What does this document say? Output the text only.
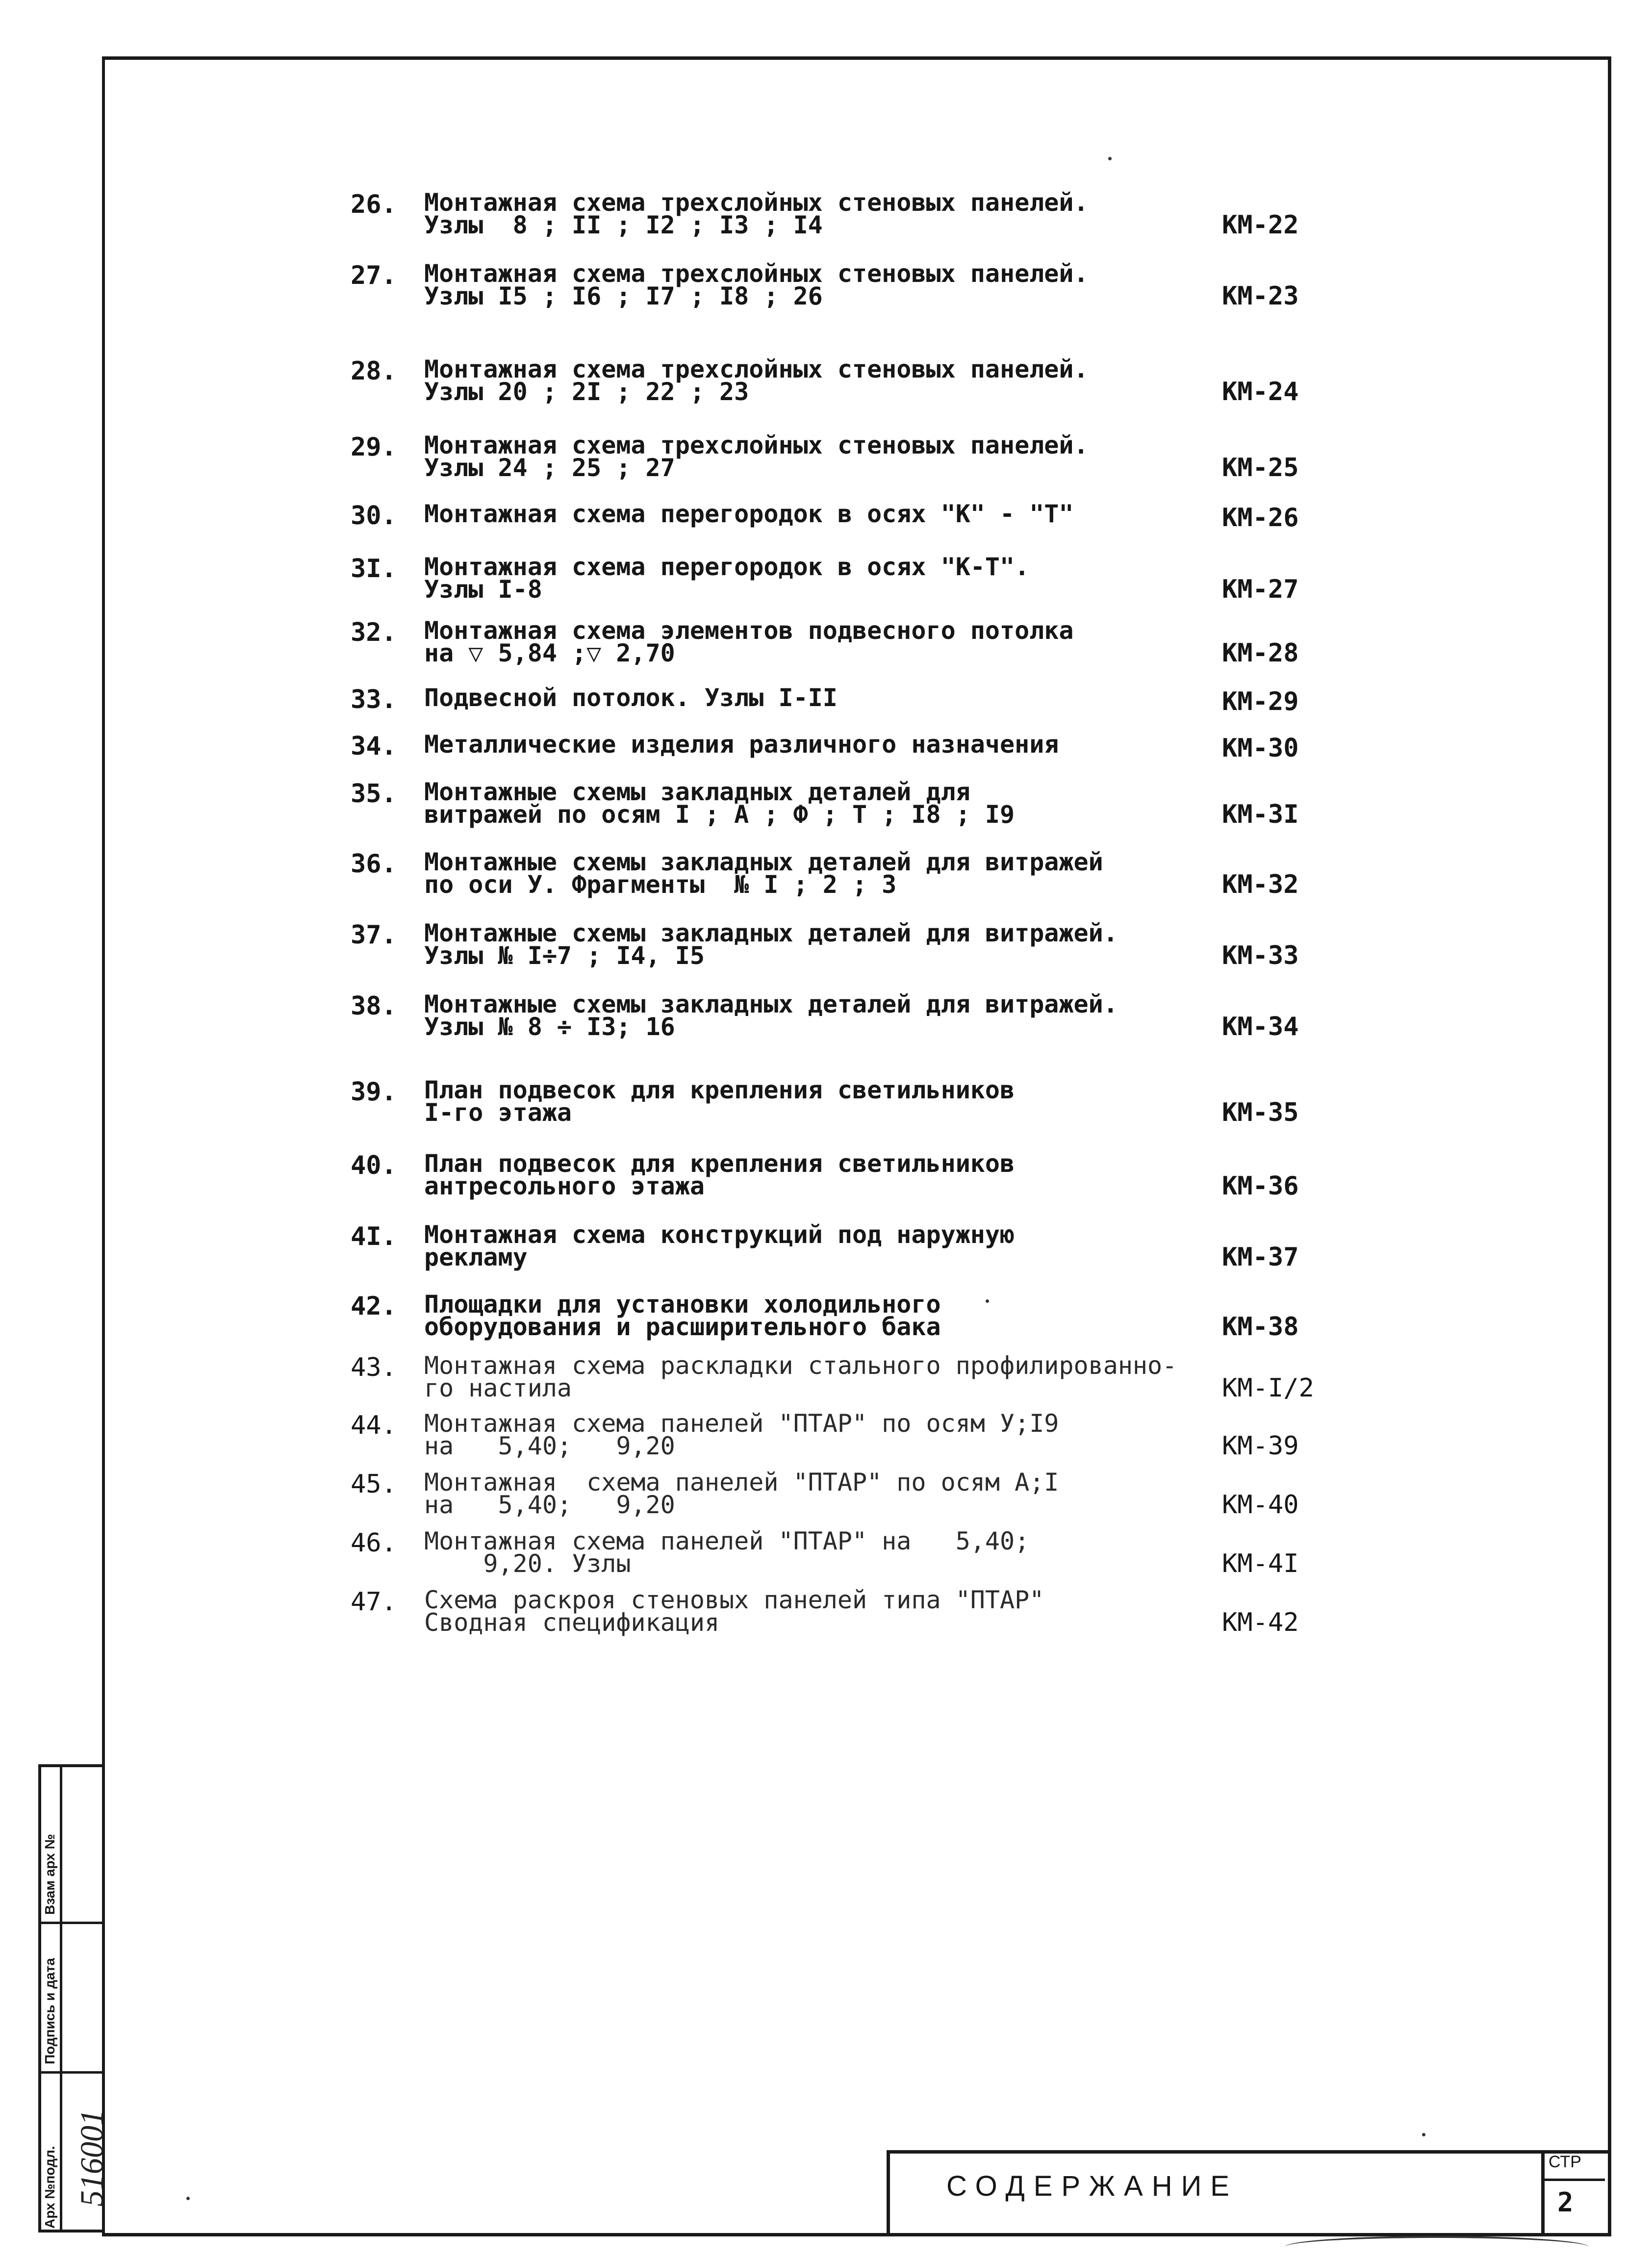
26.	Монтажная схема трехслойных стеновых панелей.
Узлы  8 ; II ; I2 ; I3 ; I4	КМ-22
27.	Монтажная схема трехслойных стеновых панелей.
Узлы I5 ; I6 ; I7 ; I8 ; 26	КМ-23
28.	Монтажная схема трехслойных стеновых панелей.
Узлы 20 ; 2I ; 22 ; 23	КМ-24
29.	Монтажная схема трехслойных стеновых панелей.
Узлы 24 ; 25 ; 27	КМ-25
30.	Монтажная схема перегородок в осях "К" - "Т"	КМ-26
3I.	Монтажная схема перегородок в осях "К-Т".
Узлы I-8	КМ-27
32.	Монтажная схема элементов подвесного потолка
на ▽ 5,84 ;▽ 2,70	КМ-28
33.	Подвесной потолок. Узлы I-II	КМ-29
34.	Металлические изделия различного назначения	КМ-30
35.	Монтажные схемы закладных деталей для
витражей по осям I ; А ; Ф ; Т ; I8 ; I9	КМ-3I
36.	Монтажные схемы закладных деталей для витражей
по оси У. Фрагменты  № I ; 2 ; 3	КМ-32
37.	Монтажные схемы закладных деталей для витражей.
Узлы № I÷7 ; I4, I5	КМ-33
38.	Монтажные схемы закладных деталей для витражей.
Узлы № 8 ÷ I3; 16	КМ-34
39.	План подвесок для крепления светильников
I-го этажа	КМ-35
40.	План подвесок для крепления светильников
антресольного этажа	КМ-36
4I.	Монтажная схема конструкций под наружную
рекламу	КМ-37
42.	Площадки для установки холодильного
оборудования и расширительного бака	КМ-38
43.	Монтажная схема раскладки стального профилированно-
го настила	КМ-I/2
44.	Монтажная схема панелей "ПТАР" по осям У;I9
на   5,40;   9,20	КМ-39
45.	Монтажная  схема панелей "ПТАР" по осям А;I
на   5,40;   9,20	КМ-40
46.	Монтажная схема панелей "ПТАР" на   5,40;
9,20. Узлы	КМ-4I
47.	Схема раскроя стеновых панелей типа "ПТАР"
Сводная спецификация	КМ-42
СОДЕРЖАНИЕ
СТР
2
Арх №подл.
Подпись и дата
Взам арх №
516001
